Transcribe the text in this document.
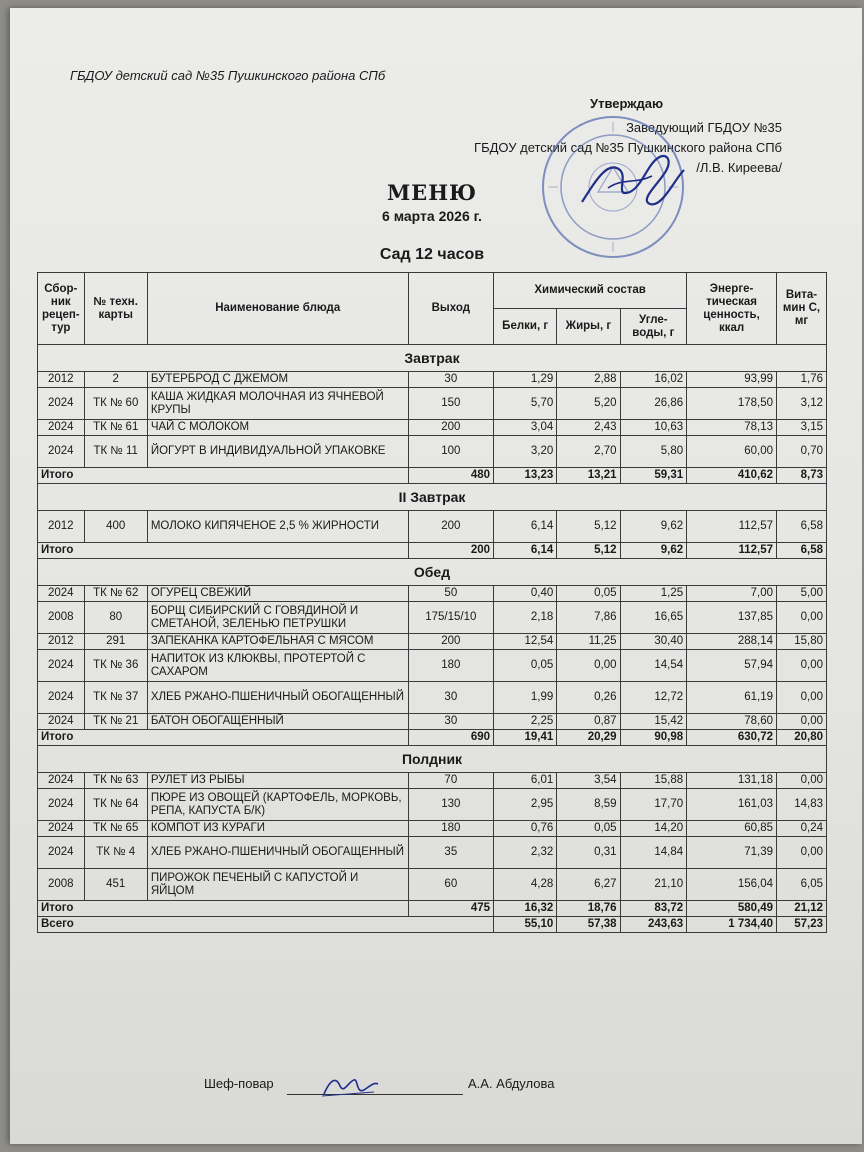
ГБДОУ детский сад №35 Пушкинского района СПб
Утверждаю
Заведующий ГБДОУ №35
ГБДОУ детский сад №35 Пушкинского района СПб
/Л.В. Киреева/
МЕНЮ
6 марта 2026 г.
Сад 12 часов
Сбор-ник рецеп-тур	№ техн. карты	Наименование блюда	Выход	Химический состав			Энерге-тическая ценность, ккал	Вита-мин С, мг
				Белки, г	Жиры, г	Угле-воды, г		
Завтрак								
2012	2	БУТЕРБРОД С ДЖЕМОМ	30	1,29	2,88	16,02	93,99	1,76
2024	ТК № 60	КАША ЖИДКАЯ МОЛОЧНАЯ ИЗ ЯЧНЕВОЙ КРУПЫ	150	5,70	5,20	26,86	178,50	3,12
2024	ТК № 61	ЧАЙ С МОЛОКОМ	200	3,04	2,43	10,63	78,13	3,15
2024	ТК № 11	ЙОГУРТ В ИНДИВИДУАЛЬНОЙ УПАКОВКЕ	100	3,20	2,70	5,80	60,00	0,70
Итого			480	13,23	13,21	59,31	410,62	8,73
II Завтрак								
2012	400	МОЛОКО КИПЯЧЕНОЕ 2,5 % ЖИРНОСТИ	200	6,14	5,12	9,62	112,57	6,58
Итого			200	6,14	5,12	9,62	112,57	6,58
Обед								
2024	ТК № 62	ОГУРЕЦ СВЕЖИЙ	50	0,40	0,05	1,25	7,00	5,00
2008	80	БОРЩ СИБИРСКИЙ С ГОВЯДИНОЙ И СМЕТАНОЙ, ЗЕЛЕНЬЮ ПЕТРУШКИ	175/15/10	2,18	7,86	16,65	137,85	0,00
2012	291	ЗАПЕКАНКА КАРТОФЕЛЬНАЯ С МЯСОМ	200	12,54	11,25	30,40	288,14	15,80
2024	ТК № 36	НАПИТОК ИЗ КЛЮКВЫ, ПРОТЕРТОЙ С САХАРОМ	180	0,05	0,00	14,54	57,94	0,00
2024	ТК № 37	ХЛЕБ РЖАНО-ПШЕНИЧНЫЙ ОБОГАЩЕННЫЙ	30	1,99	0,26	12,72	61,19	0,00
2024	ТК № 21	БАТОН ОБОГАЩЕННЫЙ	30	2,25	0,87	15,42	78,60	0,00
Итого			690	19,41	20,29	90,98	630,72	20,80
Полдник								
2024	ТК № 63	РУЛЕТ ИЗ РЫБЫ	70	6,01	3,54	15,88	131,18	0,00
2024	ТК № 64	ПЮРЕ ИЗ ОВОЩЕЙ (КАРТОФЕЛЬ, МОРКОВЬ, РЕПА, КАПУСТА Б/К)	130	2,95	8,59	17,70	161,03	14,83
2024	ТК № 65	КОМПОТ ИЗ КУРАГИ	180	0,76	0,05	14,20	60,85	0,24
2024	ТК № 4	ХЛЕБ РЖАНО-ПШЕНИЧНЫЙ ОБОГАЩЕННЫЙ	35	2,32	0,31	14,84	71,39	0,00
2008	451	ПИРОЖОК ПЕЧЕНЫЙ С КАПУСТОЙ И ЯЙЦОМ	60	4,28	6,27	21,10	156,04	6,05
Итого			475	16,32	18,76	83,72	580,49	21,12
Всего				55,10	57,38	243,63	1 734,40	57,23
Шеф-повар	А.А. Абдулова
